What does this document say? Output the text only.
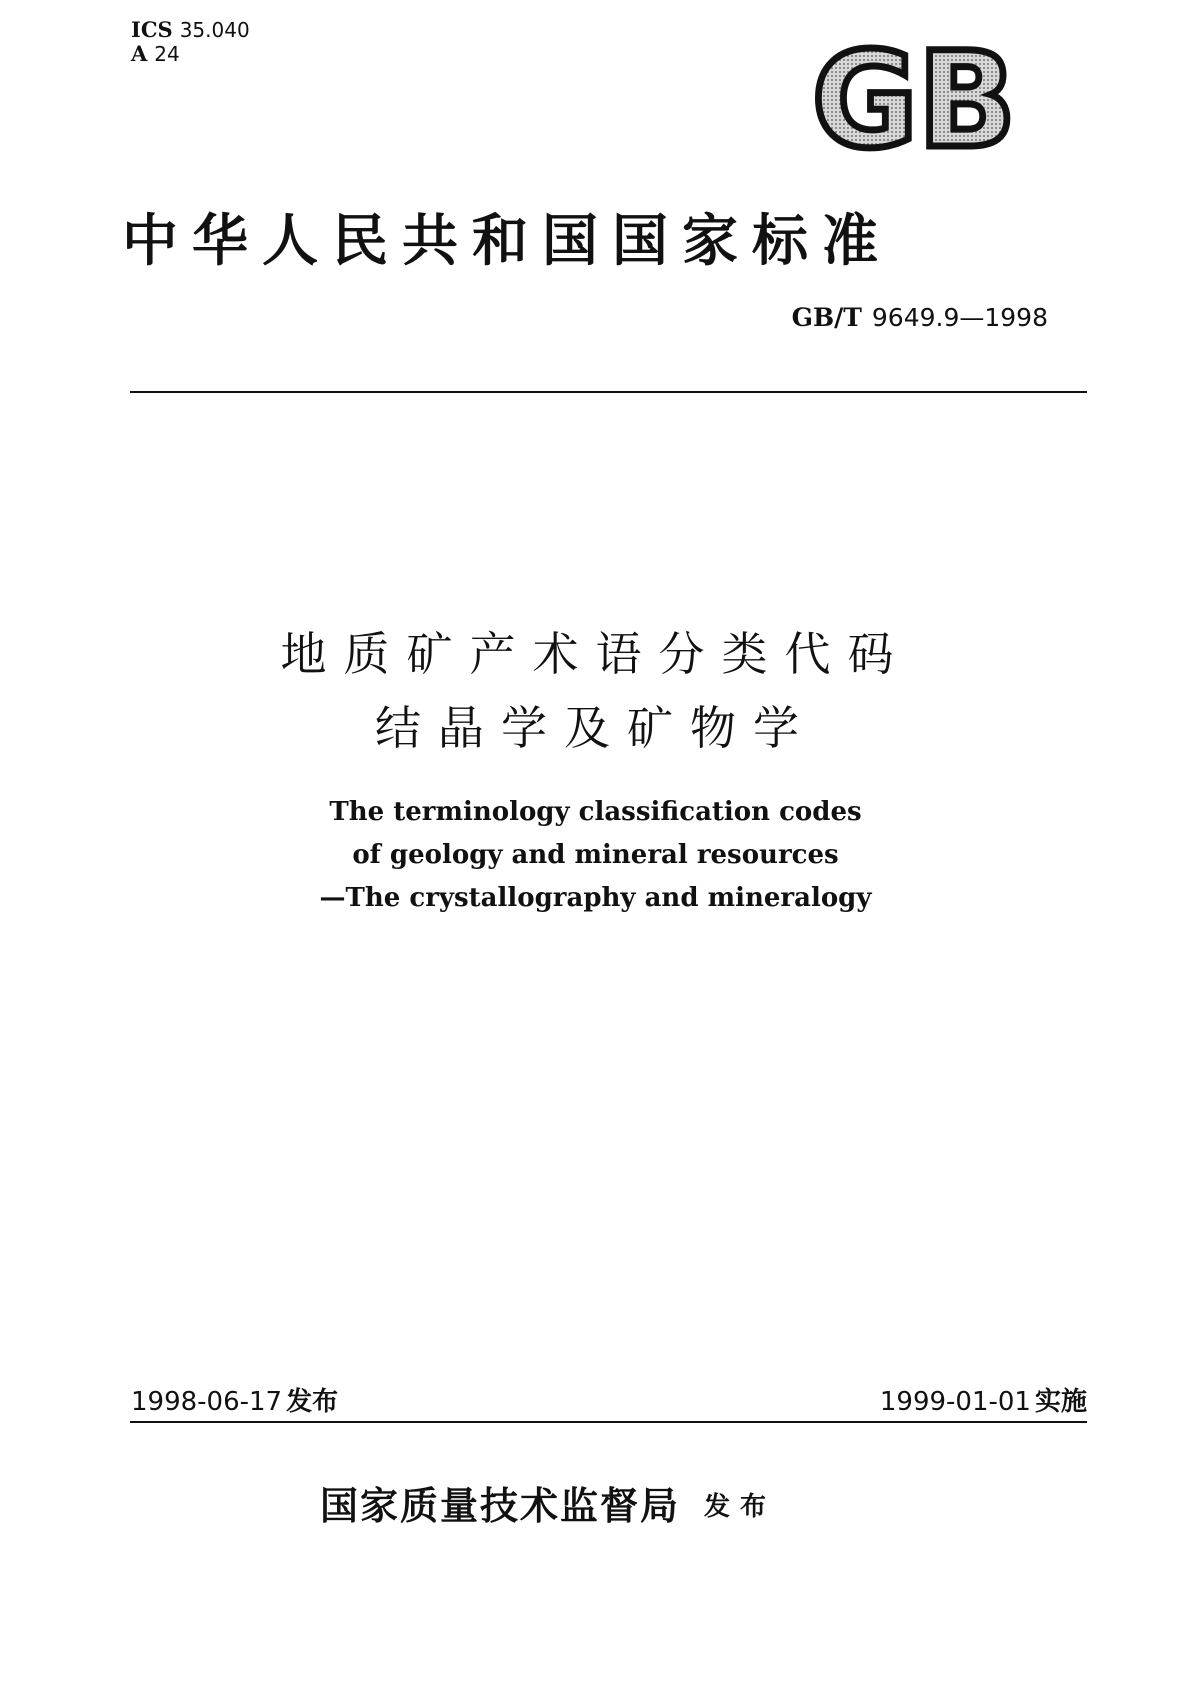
ICS 35.040
A 24	GB
中华人民共和国国家标准
GB/T 9649.9—1998
地质矿产术语分类代码
结晶学及矿物学
The terminology classification codes
of geology and mineral resources
—The crystallography and mineralogy
1998-06-17 发布	1999-01-01 实施
国家质量技术监督局 发布
